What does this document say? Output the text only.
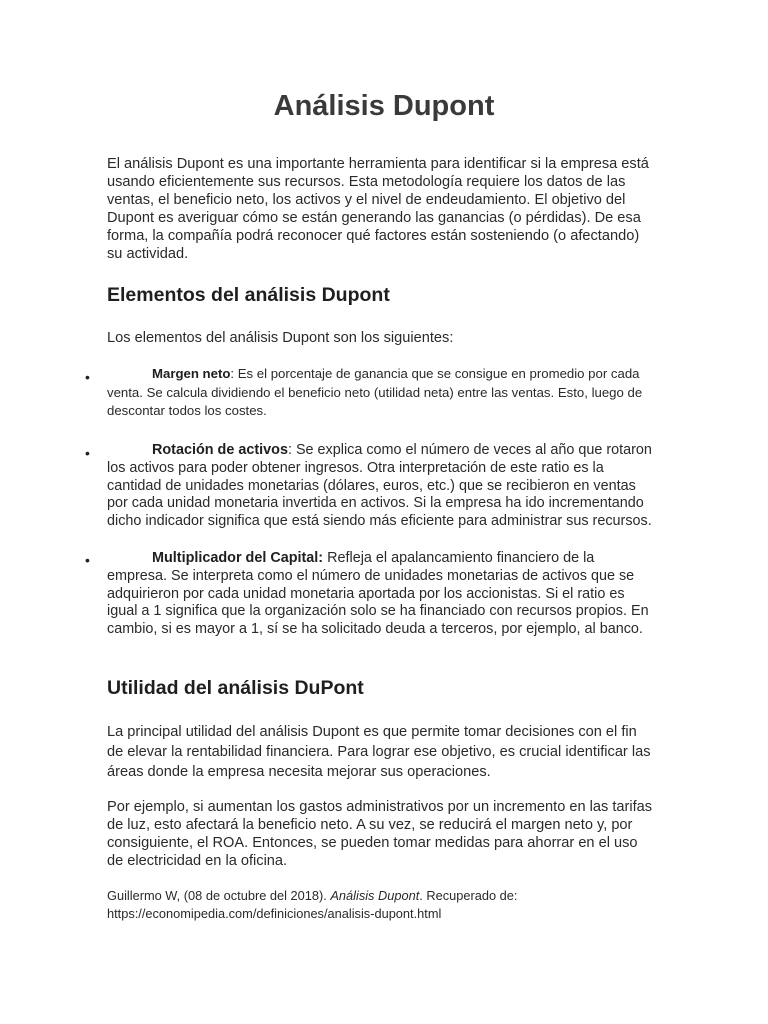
Análisis Dupont

El análisis Dupont es una importante herramienta para identificar si la empresa está usando eficientemente sus recursos. Esta metodología requiere los datos de las ventas, el beneficio neto, los activos y el nivel de endeudamiento. El objetivo del Dupont es averiguar cómo se están generando las ganancias (o pérdidas). De esa forma, la compañía podrá reconocer qué factores están sosteniendo (o afectando) su actividad.

Elementos del análisis Dupont

Los elementos del análisis Dupont son los siguientes:

•	Margen neto: Es el porcentaje de ganancia que se consigue en promedio por cada venta. Se calcula dividiendo el beneficio neto (utilidad neta) entre las ventas. Esto, luego de descontar todos los costes.

•	Rotación de activos: Se explica como el número de veces al año que rotaron los activos para poder obtener ingresos. Otra interpretación de este ratio es la cantidad de unidades monetarias (dólares, euros, etc.) que se recibieron en ventas por cada unidad monetaria invertida en activos. Si la empresa ha ido incrementando dicho indicador significa que está siendo más eficiente para administrar sus recursos.

•	Multiplicador del Capital: Refleja el apalancamiento financiero de la empresa. Se interpreta como el número de unidades monetarias de activos que se adquirieron por cada unidad monetaria aportada por los accionistas. Si el ratio es igual a 1 significa que la organización solo se ha financiado con recursos propios. En cambio, si es mayor a 1, sí se ha solicitado deuda a terceros, por ejemplo, al banco.

Utilidad del análisis DuPont

La principal utilidad del análisis Dupont es que permite tomar decisiones con el fin de elevar la rentabilidad financiera. Para lograr ese objetivo, es crucial identificar las áreas donde la empresa necesita mejorar sus operaciones.

Por ejemplo, si aumentan los gastos administrativos por un incremento en las tarifas de luz, esto afectará la beneficio neto. A su vez, se reducirá el margen neto y, por consiguiente, el ROA. Entonces, se pueden tomar medidas para ahorrar en el uso de electricidad en la oficina.

Guillermo W, (08 de octubre del 2018). Análisis Dupont. Recuperado de: https://economipedia.com/definiciones/analisis-dupont.html
